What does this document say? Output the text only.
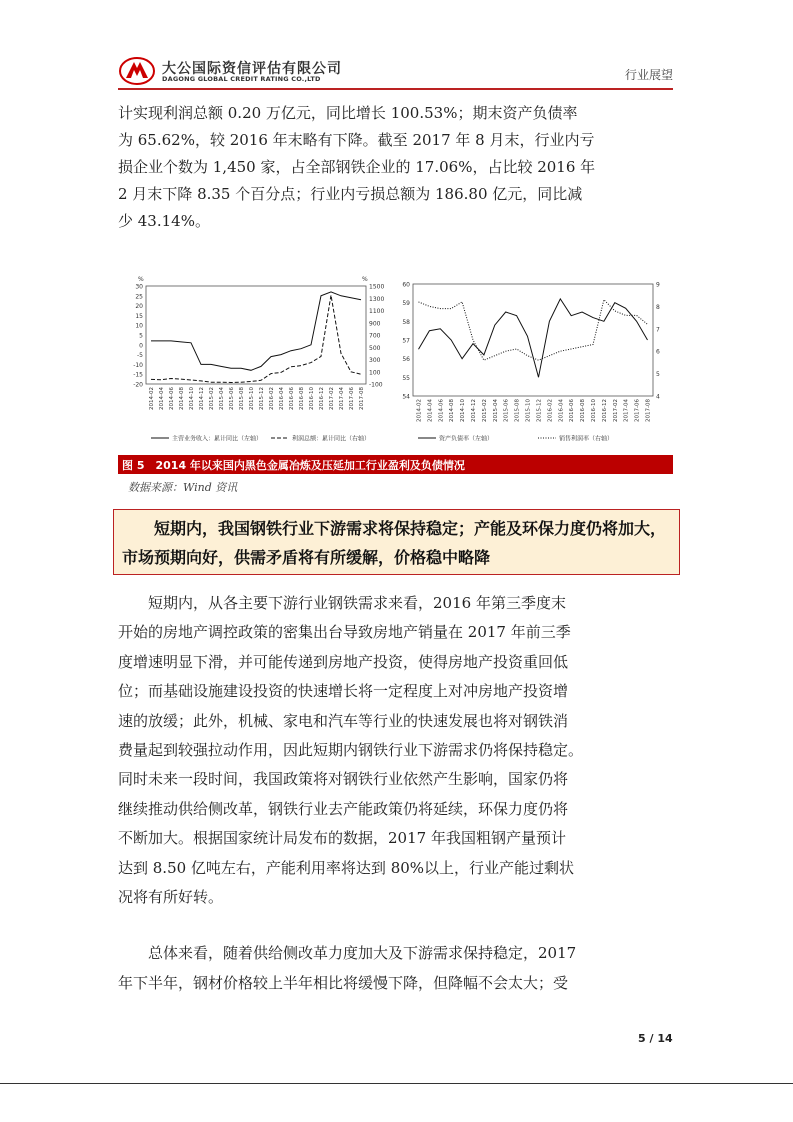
大公国际资信评估有限公司
DAGONG GLOBAL CREDIT RATING CO.,LTD	行业展望

计实现利润总额 0.20 万亿元，同比增长 100.53%；期末资产负债率

为 65.62%，较 2016 年末略有下降。截至 2017 年 8 月末，行业内亏

损企业个数为 1,450 家，占全部钢铁企业的 17.06%，占比较 2016 年

2 月末下降 8.35 个百分点；行业内亏损总额为 186.80 亿元，同比减

少 43.14%。

30
25
20
15
10
5
0
-5
-10
-15
-20
1500
1300
1100
900
700
500
300
100
-100
%	%
2014-02 2014-04 2014-06 2014-08 2014-10 2014-12 2015-02 2015-04 2015-06 2015-08 2015-10 2015-12 2016-02 2016-04 2016-06 2016-08 2016-10 2016-12 2017-02 2017-04 2017-06 2017-08
主营业务收入：累计同比（左轴）	利润总额：累计同比（右轴）
60
59
58
57
56
55
54
9
8
7
6
5
4
2014-02 2014-04 2014-06 2014-08 2014-10 2014-12 2015-02 2015-04 2015-06 2015-08 2015-10 2015-12 2016-02 2016-04 2016-06 2016-08 2016-10 2016-12 2017-02 2017-04 2017-06 2017-08
资产负债率（左轴）	销售利润率（右轴）
图 5　2014 年以来国内黑色金属冶炼及压延加工行业盈利及负债情况
数据来源：Wind 资讯
短期内，我国钢铁行业下游需求将保持稳定；产能及环保力度仍将加大，市场预期向好，供需矛盾将有所缓解，价格稳中略降

　　短期内，从各主要下游行业钢铁需求来看，2016 年第三季度末

开始的房地产调控政策的密集出台导致房地产销量在 2017 年前三季

度增速明显下滑，并可能传递到房地产投资，使得房地产投资重回低

位；而基础设施建设投资的快速增长将一定程度上对冲房地产投资增

速的放缓；此外，机械、家电和汽车等行业的快速发展也将对钢铁消

费量起到较强拉动作用，因此短期内钢铁行业下游需求仍将保持稳定。

同时未来一段时间，我国政策将对钢铁行业依然产生影响，国家仍将

继续推动供给侧改革，钢铁行业去产能政策仍将延续，环保力度仍将

不断加大。根据国家统计局发布的数据，2017 年我国粗钢产量预计

达到 8.50 亿吨左右，产能利用率将达到 80%以上，行业产能过剩状

况将有所好转。

　　总体来看，随着供给侧改革力度加大及下游需求保持稳定，2017

年下半年，钢材价格较上半年相比将缓慢下降，但降幅不会太大；受

5 / 14
